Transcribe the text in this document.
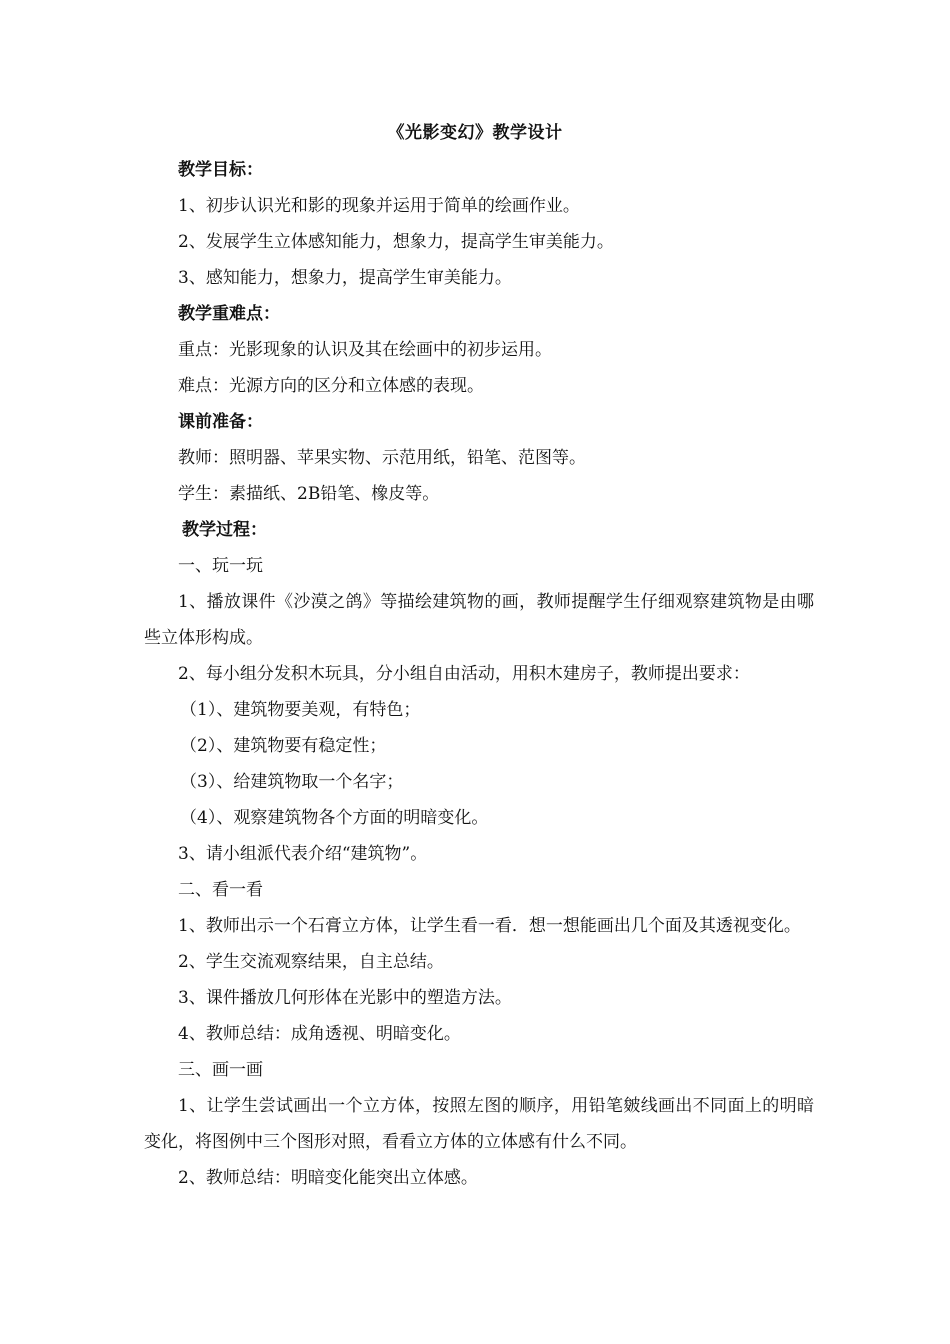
《光影变幻》教学设计
教学目标：
1、初步认识光和影的现象并运用于简单的绘画作业。
2、发展学生立体感知能力，想象力，提高学生审美能力。
3、感知能力，想象力，提高学生审美能力。
教学重难点：
重点：光影现象的认识及其在绘画中的初步运用。
难点：光源方向的区分和立体感的表现。
课前准备：
教师：照明器、苹果实物、示范用纸，铅笔、范图等。
学生：素描纸、2B铅笔、橡皮等。
教学过程：
一、玩一玩
1、播放课件《沙漠之鸽》等描绘建筑物的画，教师提醒学生仔细观察建筑物是由哪些立体形构成。
2、每小组分发积木玩具，分小组自由活动，用积木建房子，教师提出要求：
（1）、建筑物要美观，有特色；
（2）、建筑物要有稳定性；
（3）、给建筑物取一个名字；
（4）、观察建筑物各个方面的明暗变化。
3、请小组派代表介绍“建筑物”。
二、看一看
1、教师出示一个石膏立方体，让学生看一看．想一想能画出几个面及其透视变化。
2、学生交流观察结果，自主总结。
3、课件播放几何形体在光影中的塑造方法。
4、教师总结：成角透视、明暗变化。
三、画一画
1、让学生尝试画出一个立方体，按照左图的顺序，用铅笔皴线画出不同面上的明暗变化，将图例中三个图形对照，看看立方体的立体感有什么不同。
2、教师总结：明暗变化能突出立体感。
